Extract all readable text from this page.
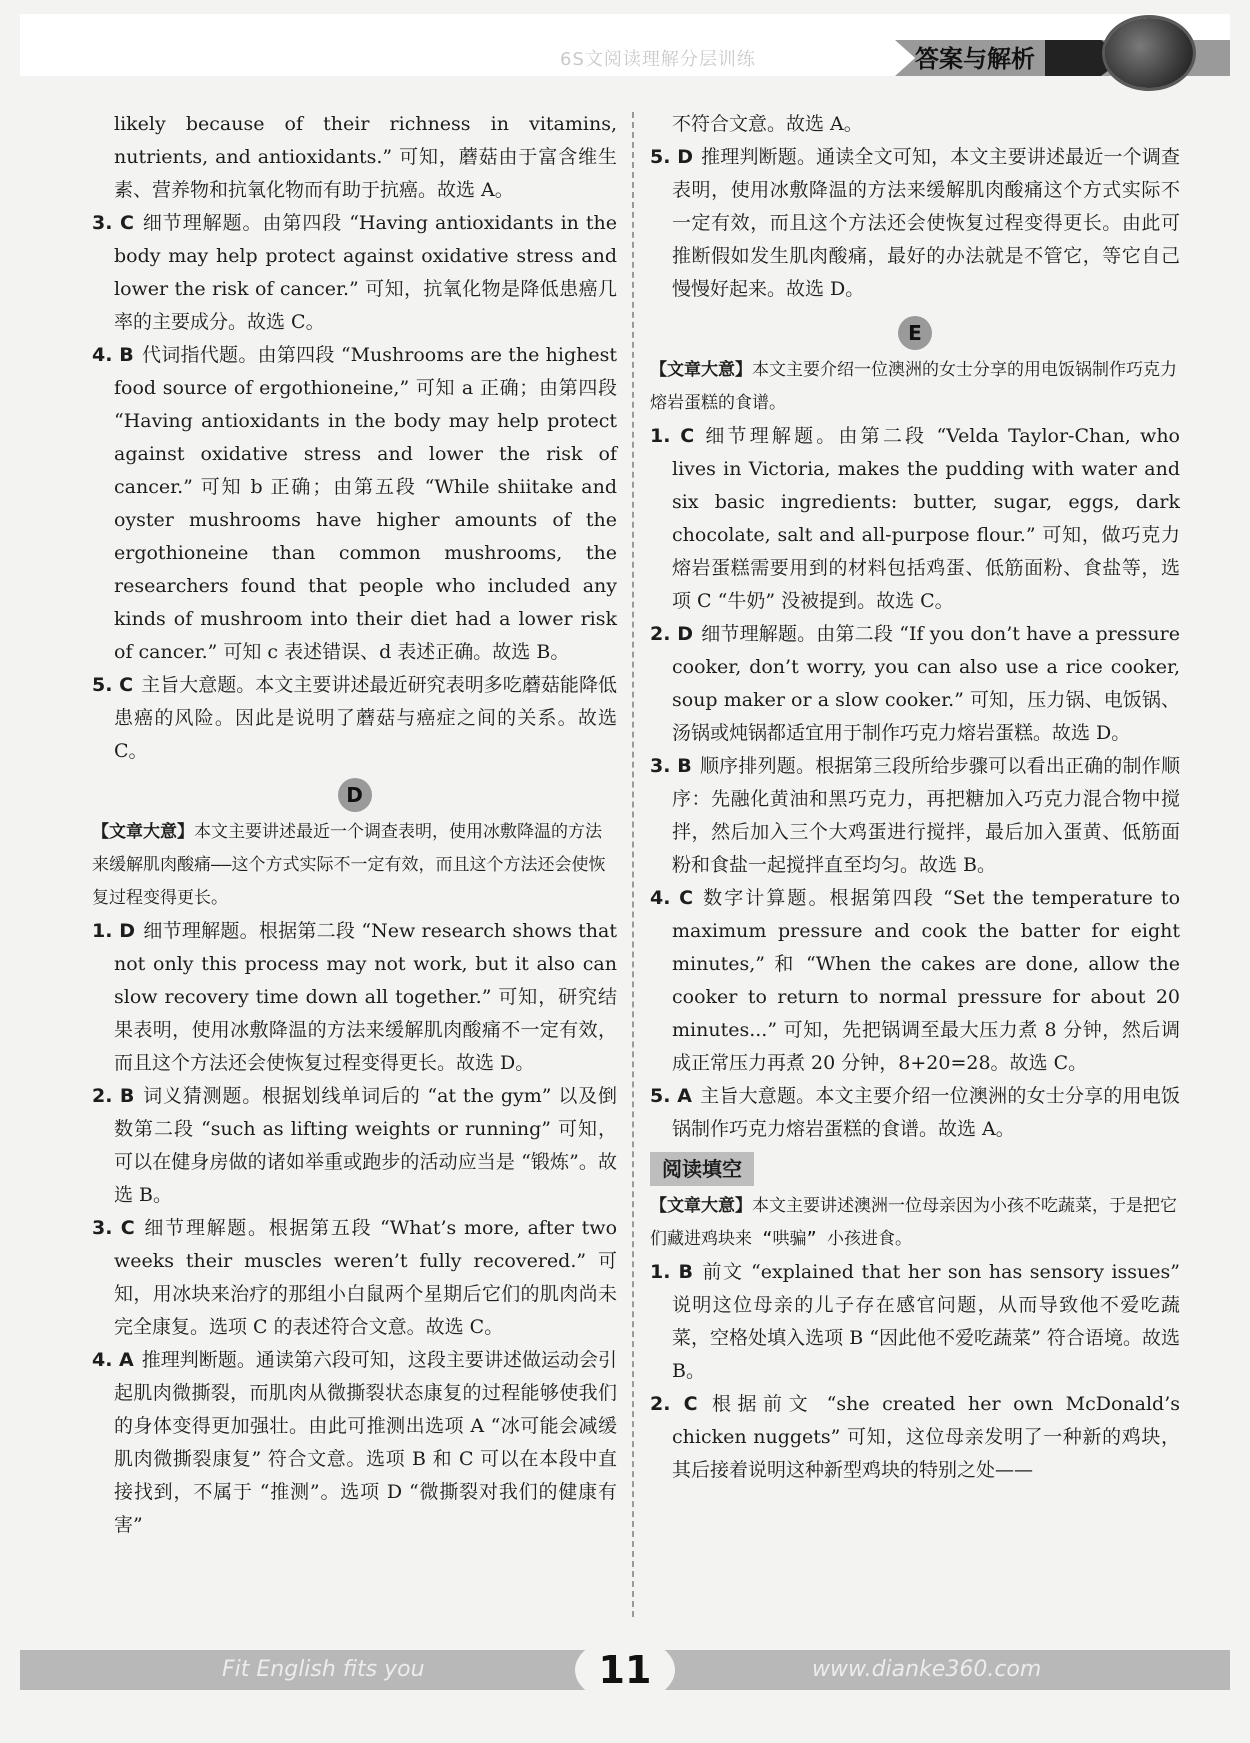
6S文阅读理解分层训练	答案与解析

likely because of their richness in vitamins, nutrients, and antioxidants.” 可知，蘑菇由于富含维生素、营养物和抗氧化物而有助于抗癌。故选 A。

3. C 细节理解题。由第四段 “Having antioxidants in the body may help protect against oxidative stress and lower the risk of cancer.” 可知，抗氧化物是降低患癌几率的主要成分。故选 C。

4. B 代词指代题。由第四段 “Mushrooms are the highest food source of ergothioneine,” 可知 a 正确；由第四段 “Having antioxidants in the body may help protect against oxidative stress and lower the risk of cancer.” 可知 b 正确；由第五段 “While shiitake and oyster mushrooms have higher amounts of the ergothioneine than common mushrooms, the researchers found that people who included any kinds of mushroom into their diet had a lower risk of cancer.” 可知 c 表述错误、d 表述正确。故选 B。

5. C 主旨大意题。本文主要讲述最近研究表明多吃蘑菇能降低患癌的风险。因此是说明了蘑菇与癌症之间的关系。故选 C。

D

【文章大意】本文主要讲述最近一个调查表明，使用冰敷降温的方法来缓解肌肉酸痛——这个方式实际不一定有效，而且这个方法还会使恢复过程变得更长。

1. D 细节理解题。根据第二段 “New research shows that not only this process may not work, but it also can slow recovery time down all together.” 可知，研究结果表明，使用冰敷降温的方法来缓解肌肉酸痛不一定有效，而且这个方法还会使恢复过程变得更长。故选 D。

2. B 词义猜测题。根据划线单词后的 “at the gym” 以及倒数第二段 “such as lifting weights or running” 可知，可以在健身房做的诸如举重或跑步的活动应当是 “锻炼”。故选 B。

3. C 细节理解题。根据第五段 “What’s more, after two weeks their muscles weren’t fully recovered.” 可知，用冰块来治疗的那组小白鼠两个星期后它们的肌肉尚未完全康复。选项 C 的表述符合文意。故选 C。

4. A 推理判断题。通读第六段可知，这段主要讲述做运动会引起肌肉微撕裂，而肌肉从微撕裂状态康复的过程能够使我们的身体变得更加强壮。由此可推测出选项 A “冰可能会减缓肌肉微撕裂康复” 符合文意。选项 B 和 C 可以在本段中直接找到，不属于 “推测”。选项 D “微撕裂对我们的健康有害”

不符合文意。故选 A。

5. D 推理判断题。通读全文可知，本文主要讲述最近一个调查表明，使用冰敷降温的方法来缓解肌肉酸痛这个方式实际不一定有效，而且这个方法还会使恢复过程变得更长。由此可推断假如发生肌肉酸痛，最好的办法就是不管它，等它自己慢慢好起来。故选 D。

E

【文章大意】本文主要介绍一位澳洲的女士分享的用电饭锅制作巧克力熔岩蛋糕的食谱。

1. C 细节理解题。由第二段 “Velda Taylor-Chan, who lives in Victoria, makes the pudding with water and six basic ingredients: butter, sugar, eggs, dark chocolate, salt and all-purpose flour.” 可知，做巧克力熔岩蛋糕需要用到的材料包括鸡蛋、低筋面粉、食盐等，选项 C “牛奶” 没被提到。故选 C。

2. D 细节理解题。由第二段 “If you don’t have a pressure cooker, don’t worry, you can also use a rice cooker, soup maker or a slow cooker.” 可知，压力锅、电饭锅、汤锅或炖锅都适宜用于制作巧克力熔岩蛋糕。故选 D。

3. B 顺序排列题。根据第三段所给步骤可以看出正确的制作顺序：先融化黄油和黑巧克力，再把糖加入巧克力混合物中搅拌，然后加入三个大鸡蛋进行搅拌，最后加入蛋黄、低筋面粉和食盐一起搅拌直至均匀。故选 B。

4. C 数字计算题。根据第四段 “Set the temperature to maximum pressure and cook the batter for eight minutes,” 和 “When the cakes are done, allow the cooker to return to normal pressure for about 20 minutes...” 可知，先把锅调至最大压力煮 8 分钟，然后调成正常压力再煮 20 分钟，8+20=28。故选 C。

5. A 主旨大意题。本文主要介绍一位澳洲的女士分享的用电饭锅制作巧克力熔岩蛋糕的食谱。故选 A。

阅读填空

【文章大意】本文主要讲述澳洲一位母亲因为小孩不吃蔬菜，于是把它们藏进鸡块来 “哄骗” 小孩进食。

1. B 前文 “explained that her son has sensory issues” 说明这位母亲的儿子存在感官问题，从而导致他不爱吃蔬菜，空格处填入选项 B “因此他不爱吃蔬菜” 符合语境。故选 B。

2. C 根据前文 “she created her own McDonald’s chicken nuggets” 可知，这位母亲发明了一种新的鸡块，其后接着说明这种新型鸡块的特别之处——

Fit English fits you	11	www.dianke360.com
